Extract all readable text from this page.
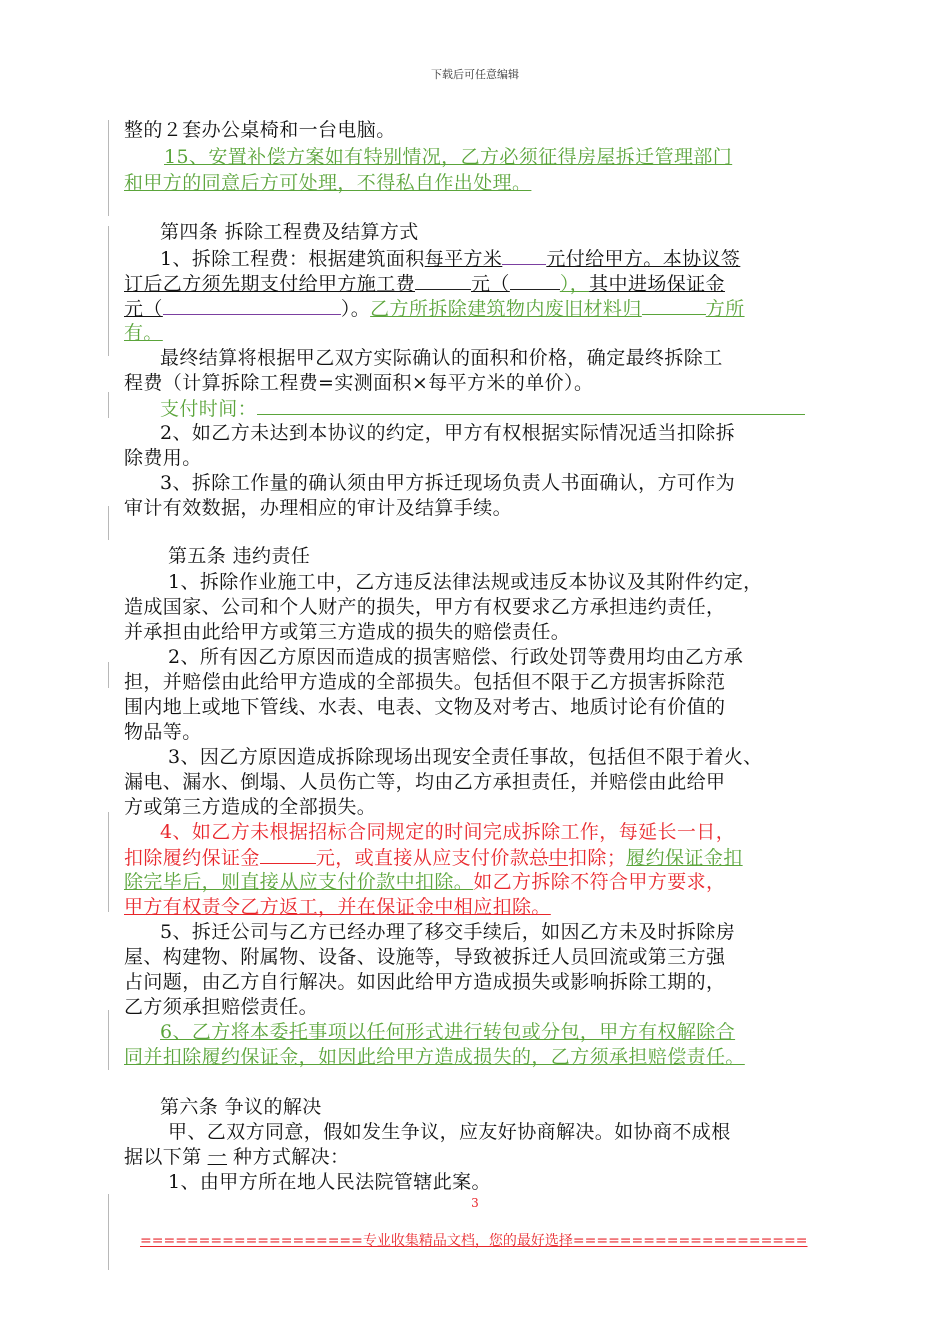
下载后可任意编辑
整的２套办公桌椅和一台电脑。
15、安置补偿方案如有特别情况，乙方必须征得房屋拆迁管理部门
和甲方的同意后方可处理，不得私自作出处理。
第四条 拆除工程费及结算方式
1、拆除工程费：根据建筑面积每平方米 元付给甲方。本协议签
订后乙方须先期支付给甲方施工费	元（	），其中进场保证金
元（	）。乙方所拆除建筑物内废旧材料归	方所
有。
最终结算将根据甲乙双方实际确认的面积和价格，确定最终拆除工
程费（计算拆除工程费=实测面积×每平方米的单价）。
支付时间：
2、如乙方未达到本协议的约定，甲方有权根据实际情况适当扣除拆
除费用。
3、拆除工作量的确认须由甲方拆迁现场负责人书面确认，方可作为
审计有效数据，办理相应的审计及结算手续。
第五条 违约责任
1、拆除作业施工中，乙方违反法律法规或违反本协议及其附件约定，
造成国家、公司和个人财产的损失，甲方有权要求乙方承担违约责任，
并承担由此给甲方或第三方造成的损失的赔偿责任。
2、所有因乙方原因而造成的损害赔偿、行政处罚等费用均由乙方承
担，并赔偿由此给甲方造成的全部损失。包括但不限于乙方损害拆除范
围内地上或地下管线、水表、电表、文物及对考古、地质讨论有价值的
物品等。
3、因乙方原因造成拆除现场出现安全责任事故，包括但不限于着火、
漏电、漏水、倒塌、人员伤亡等，均由乙方承担责任，并赔偿由此给甲
方或第三方造成的全部损失。
4、如乙方未根据招标合同规定的时间完成拆除工作，每延长一日，
扣除履约保证金	元，或直接从应支付价款总中扣除；履约保证金扣
除完毕后，则直接从应支付价款中扣除。如乙方拆除不符合甲方要求，
甲方有权责令乙方返工，并在保证金中相应扣除。
5、拆迁公司与乙方已经办理了移交手续后，如因乙方未及时拆除房
屋、构建物、附属物、设备、设施等，导致被拆迁人员回流或第三方强
占问题，由乙方自行解决。如因此给甲方造成损失或影响拆除工期的，
乙方须承担赔偿责任。
6、乙方将本委托事项以任何形式进行转包或分包，甲方有权解除合
同并扣除履约保证金，如因此给甲方造成损失的，乙方须承担赔偿责任。
第六条 争议的解决
甲、乙双方同意，假如发生争议，应友好协商解决。如协商不成根
据以下第 一 种方式解决：
1、由甲方所在地人民法院管辖此案。
3
===================专业收集精品文档，您的最好选择====================
